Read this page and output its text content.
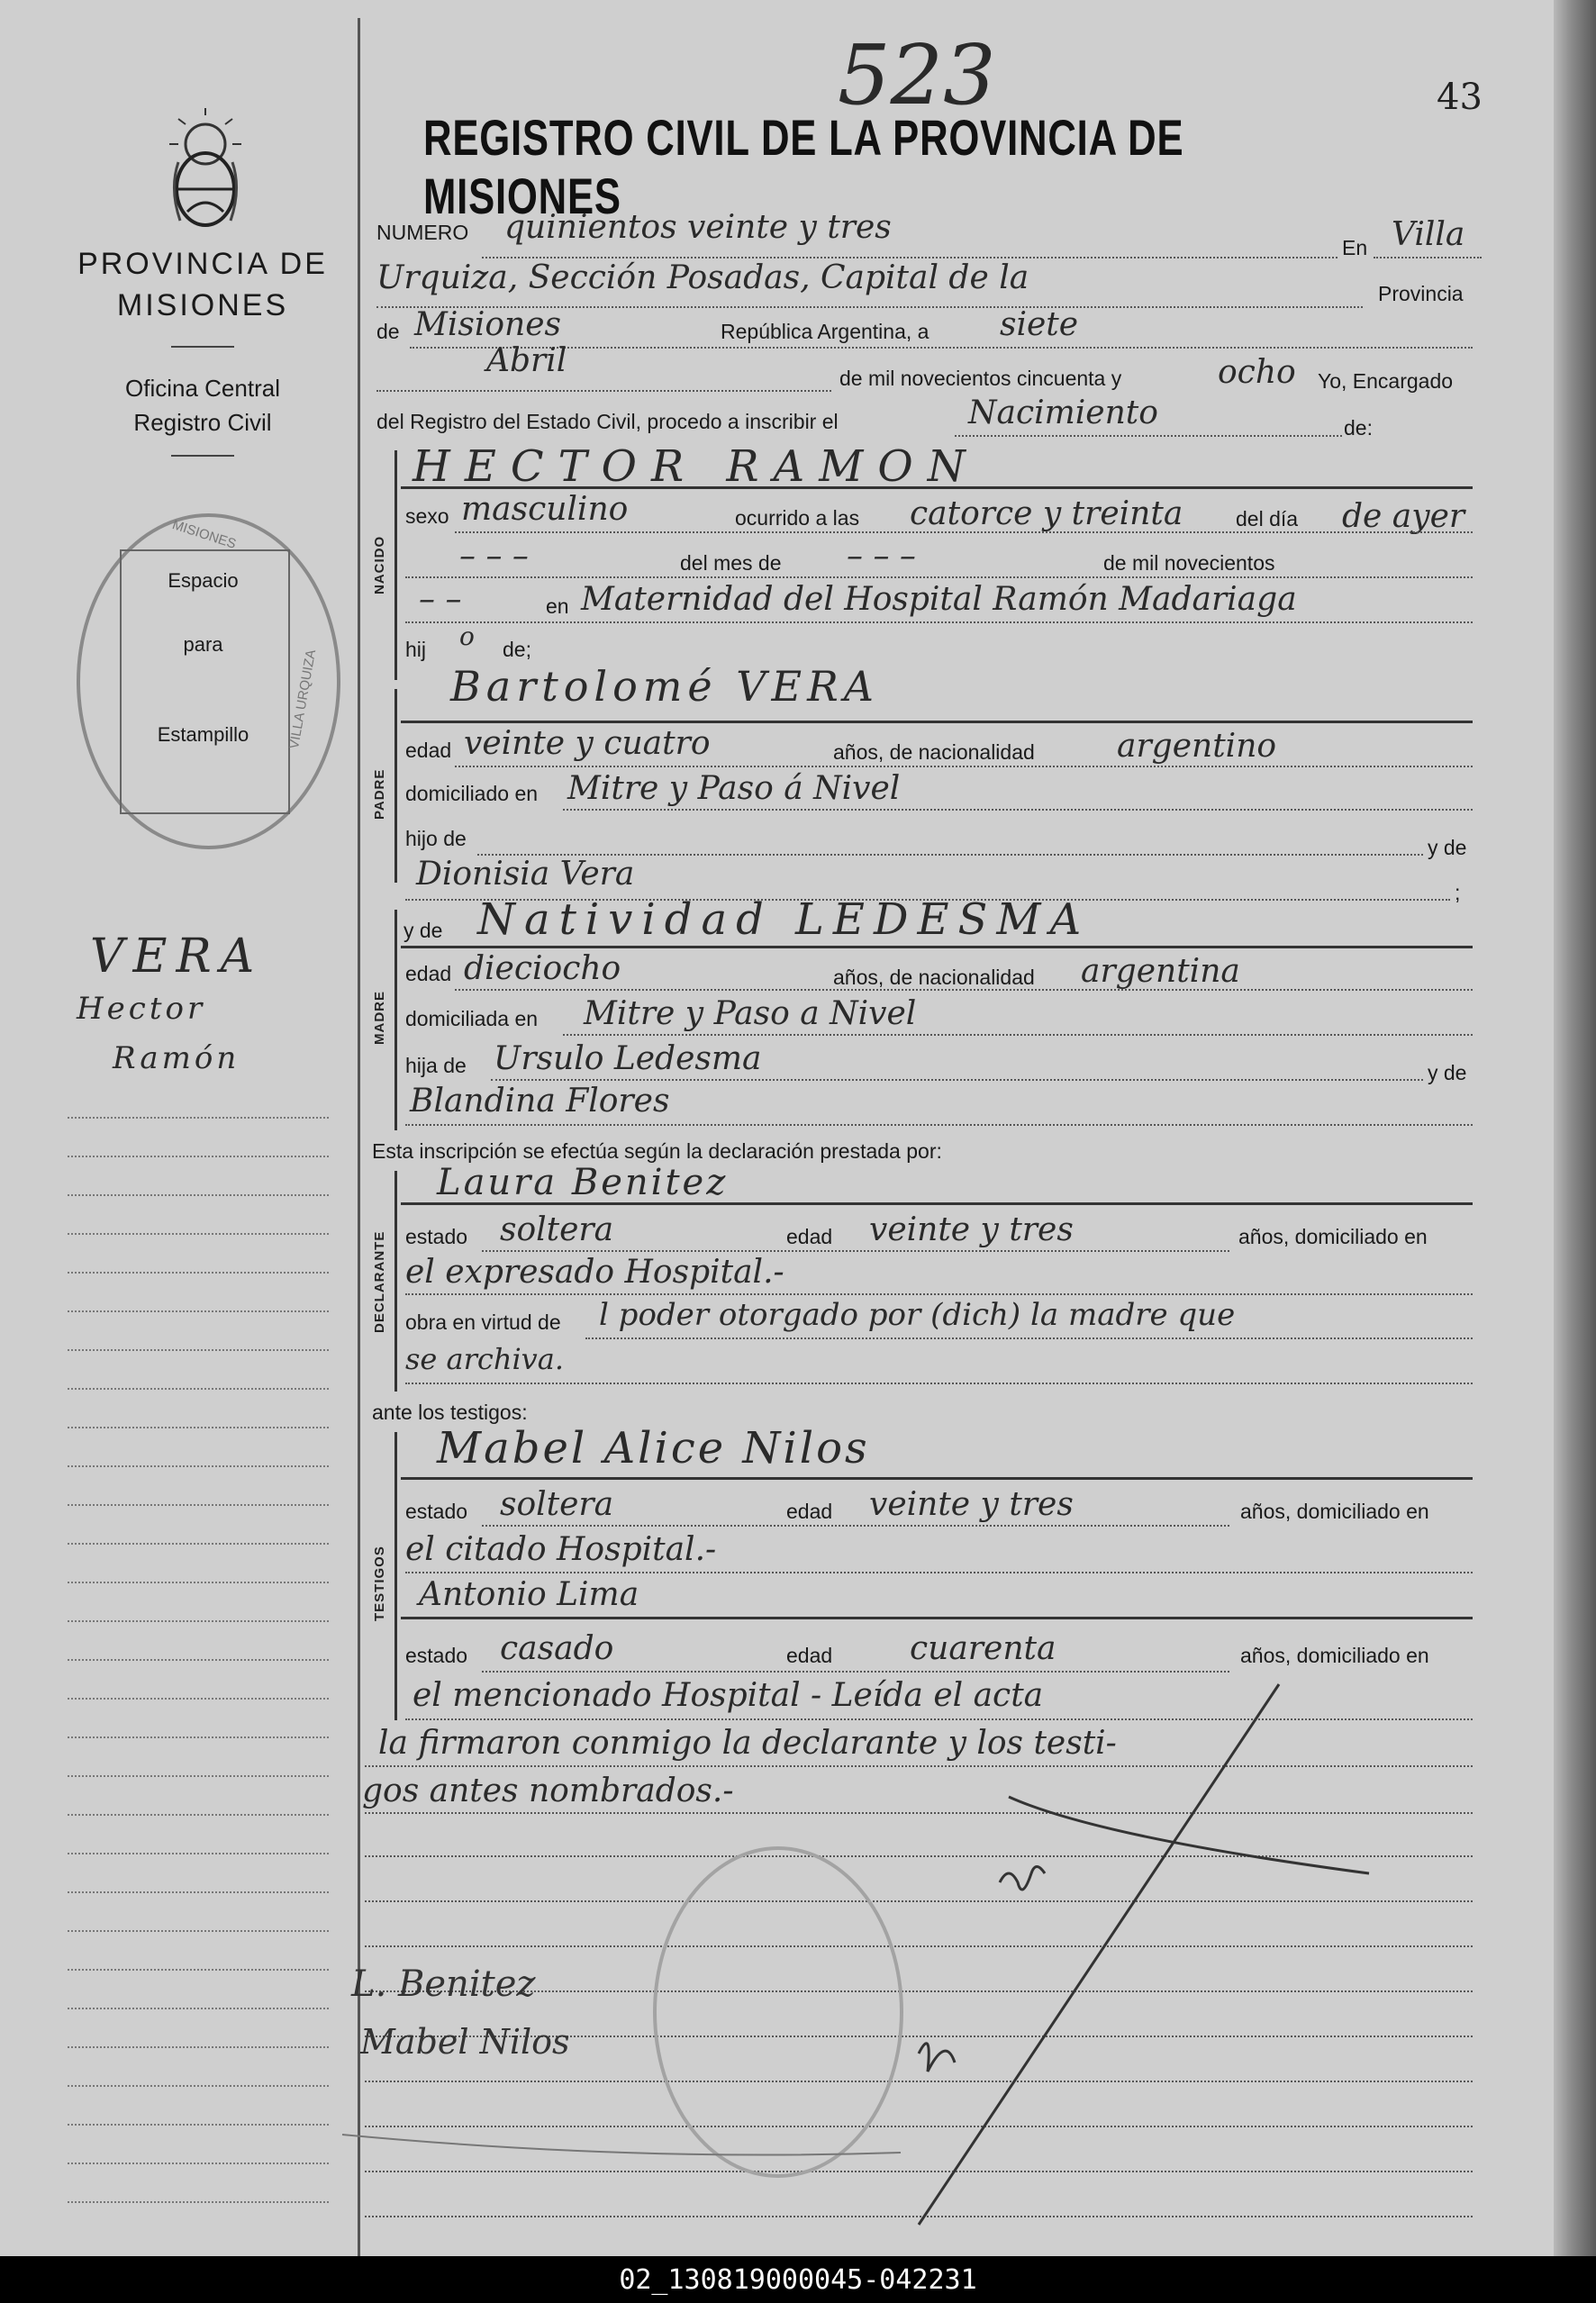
523	43
REGISTRO CIVIL DE LA PROVINCIA DE MISIONES
PROVINCIA DE MISIONES
Oficina Central
Registro Civil
Espacio
para
Estampillo
MISIONES
VILLA URQUIZA
VERA
Hector
Ramón
NUMERO quinientos veinte y tres
En Villa
Urquiza, Sección Posadas, Capital de la	Provincia
de Misiones	República Argentina, a siete
Abril	de mil novecientos cincuenta y	ocho Yo, Encargado
del Registro del Estado Civil, procedo a inscribir el	Nacimiento	de:
NACIDO
HECTOR RAMON
sexo masculino	ocurrido a las catorce y treinta	del día de ayer
– – –	del mes de – – –	de mil novecientos
– –	en Maternidad del Hospital Ramón Madariaga
hij o de;
PADRE
Bartolomé VERA
edad veinte y cuatro	años, de nacionalidad	argentino
domiciliado en Mitre y Paso á Nivel
hijo de	y de
Dionisia Vera	;
MADRE
y de Natividad LEDESMA
edad dieciocho	años, de nacionalidad argentina
domiciliada en Mitre y Paso a Nivel
hija de Ursulo Ledesma	y de
Blandina Flores
Esta inscripción se efectúa según la declaración prestada por:
DECLARANTE
Laura Benitez
estado soltera	edad veinte y tres	años, domiciliado en
el expresado Hospital.-
obra en virtud de l poder otorgado por (dich) la madre que
se archiva.
ante los testigos:
TESTIGOS
Mabel Alice Nilos
estado soltera	edad veinte y tres	años, domiciliado en
el citado Hospital.-
Antonio Lima
estado casado	edad cuarenta	años, domiciliado en
el mencionado Hospital - Leída el acta
la firmaron conmigo la declarante y los testi-
gos antes nombrados.-
L. Benitez
Mabel Nilos
02_130819000045-042231
